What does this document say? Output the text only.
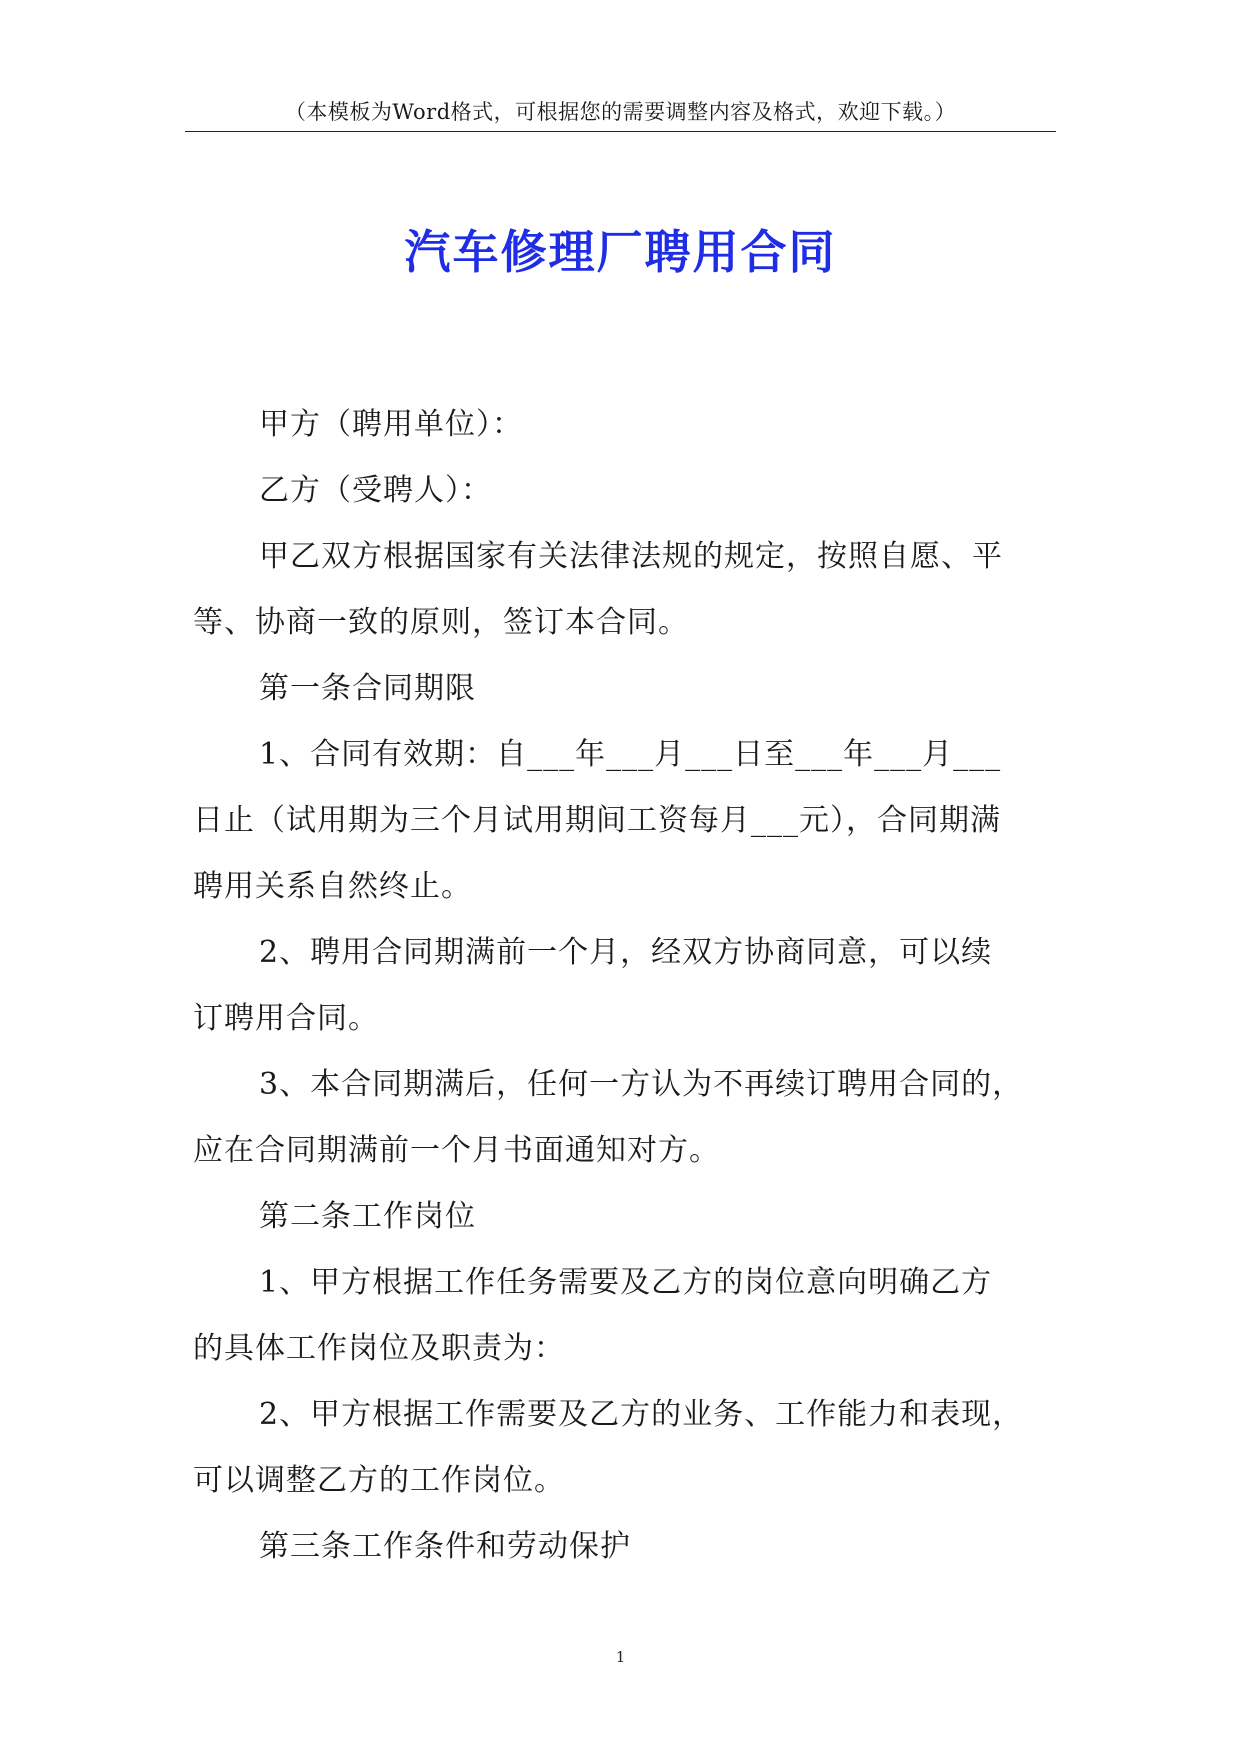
（本模板为Word格式，可根据您的需要调整内容及格式，欢迎下载。）
汽车修理厂聘用合同
甲方（聘用单位）：
乙方（受聘人）：
甲乙双方根据国家有关法律法规的规定，按照自愿、平
等、协商一致的原则，签订本合同。
第一条合同期限
1、合同有效期：自___年___月___日至___年___月___
日止（试用期为三个月试用期间工资每月___元），合同期满
聘用关系自然终止。
2、聘用合同期满前一个月，经双方协商同意，可以续
订聘用合同。
3、本合同期满后，任何一方认为不再续订聘用合同的，
应在合同期满前一个月书面通知对方。
第二条工作岗位
1、甲方根据工作任务需要及乙方的岗位意向明确乙方
的具体工作岗位及职责为：
2、甲方根据工作需要及乙方的业务、工作能力和表现，
可以调整乙方的工作岗位。
第三条工作条件和劳动保护
1
